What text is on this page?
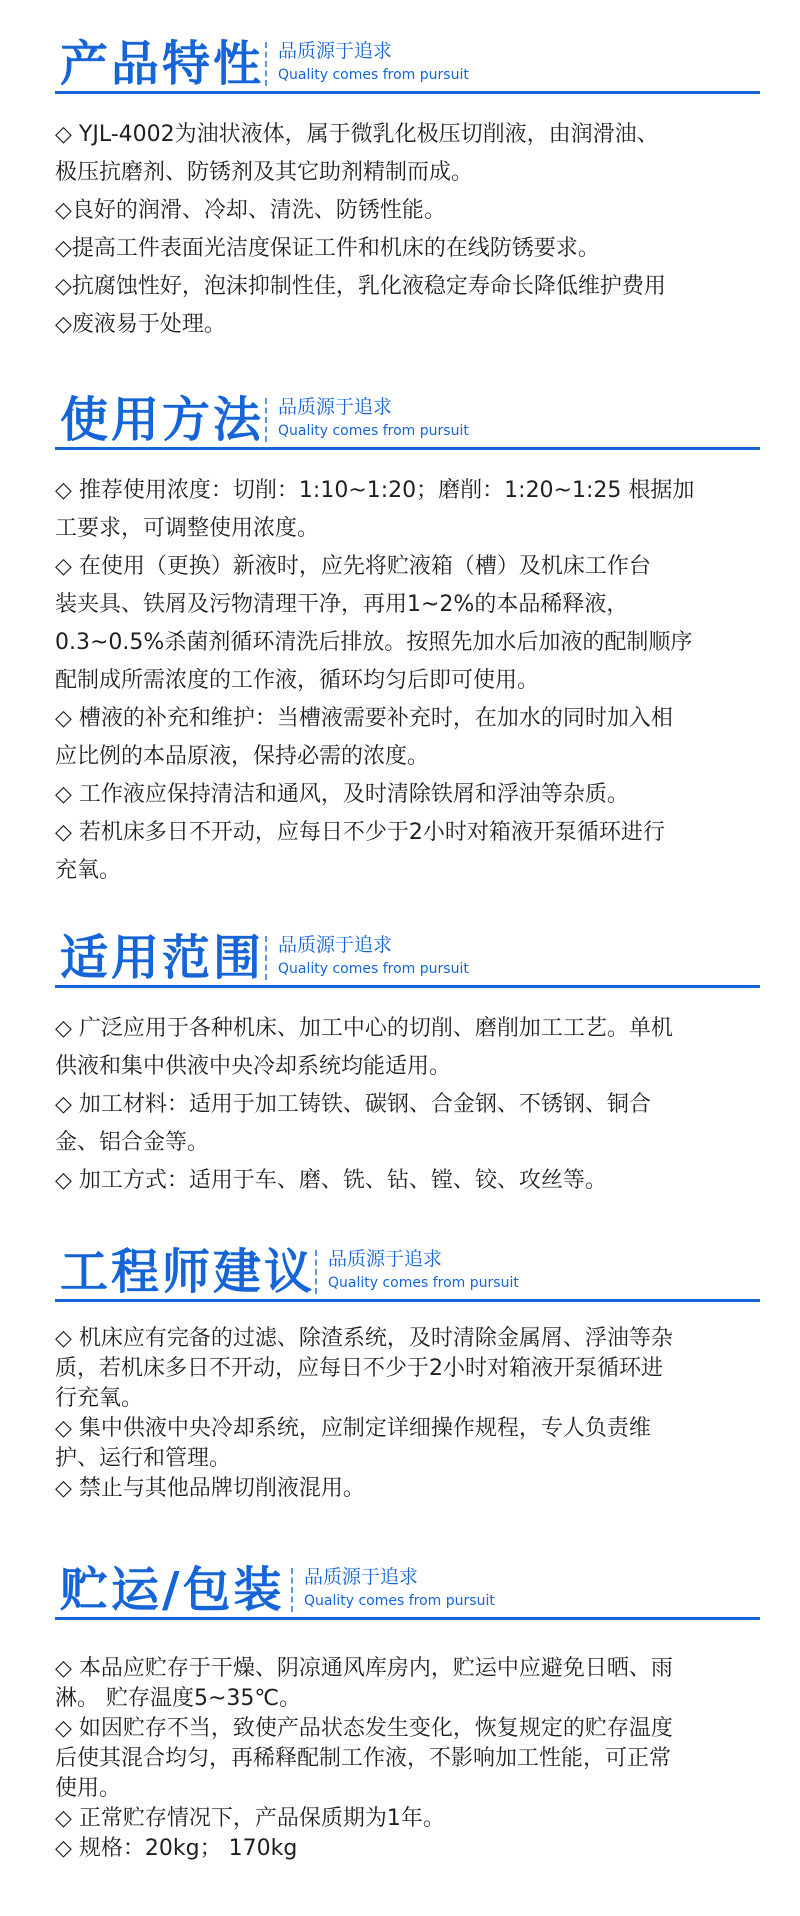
产品特性 品质源于追求
Quality comes from pursuit

◇ YJL-4002为油状液体，属于微乳化极压切削液，由润滑油、

极压抗磨剂、防锈剂及其它助剂精制而成。

◇良好的润滑、冷却、清洗、防锈性能。

◇提高工件表面光洁度保证工件和机床的在线防锈要求。

◇抗腐蚀性好，泡沫抑制性佳，乳化液稳定寿命长降低维护费用

◇废液易于处理。

使用方法 品质源于追求
Quality comes from pursuit

◇ 推荐使用浓度：切削：1:10~1:20；磨削：1:20~1:25 根据加

工要求，可调整使用浓度。

◇ 在使用（更换）新液时，应先将贮液箱（槽）及机床工作台

装夹具、铁屑及污物清理干净，再用1~2%的本品稀释液，

0.3~0.5%杀菌剂循环清洗后排放。按照先加水后加液的配制顺序

配制成所需浓度的工作液，循环均匀后即可使用。

◇ 槽液的补充和维护：当槽液需要补充时，在加水的同时加入相

应比例的本品原液，保持必需的浓度。

◇ 工作液应保持清洁和通风，及时清除铁屑和浮油等杂质。

◇ 若机床多日不开动，应每日不少于2小时对箱液开泵循环进行

充氧。

适用范围 品质源于追求
Quality comes from pursuit

◇ 广泛应用于各种机床、加工中心的切削、磨削加工工艺。单机

供液和集中供液中央冷却系统均能适用。

◇ 加工材料：适用于加工铸铁、碳钢、合金钢、不锈钢、铜合

金、铝合金等。

◇ 加工方式：适用于车、磨、铣、钻、镗、铰、攻丝等。

工程师建议 品质源于追求
Quality comes from pursuit

◇ 机床应有完备的过滤、除渣系统，及时清除金属屑、浮油等杂

质，若机床多日不开动，应每日不少于2小时对箱液开泵循环进

行充氧。

◇ 集中供液中央冷却系统，应制定详细操作规程，专人负责维

护、运行和管理。

◇ 禁止与其他品牌切削液混用。

贮运/包装 品质源于追求
Quality comes from pursuit

◇ 本品应贮存于干燥、阴凉通风库房内，贮运中应避免日晒、雨

淋。 贮存温度5~35℃。

◇ 如因贮存不当，致使产品状态发生变化，恢复规定的贮存温度

后使其混合均匀，再稀释配制工作液，不影响加工性能，可正常

使用。

◇ 正常贮存情况下，产品保质期为1年。

◇ 规格：20kg； 170kg
